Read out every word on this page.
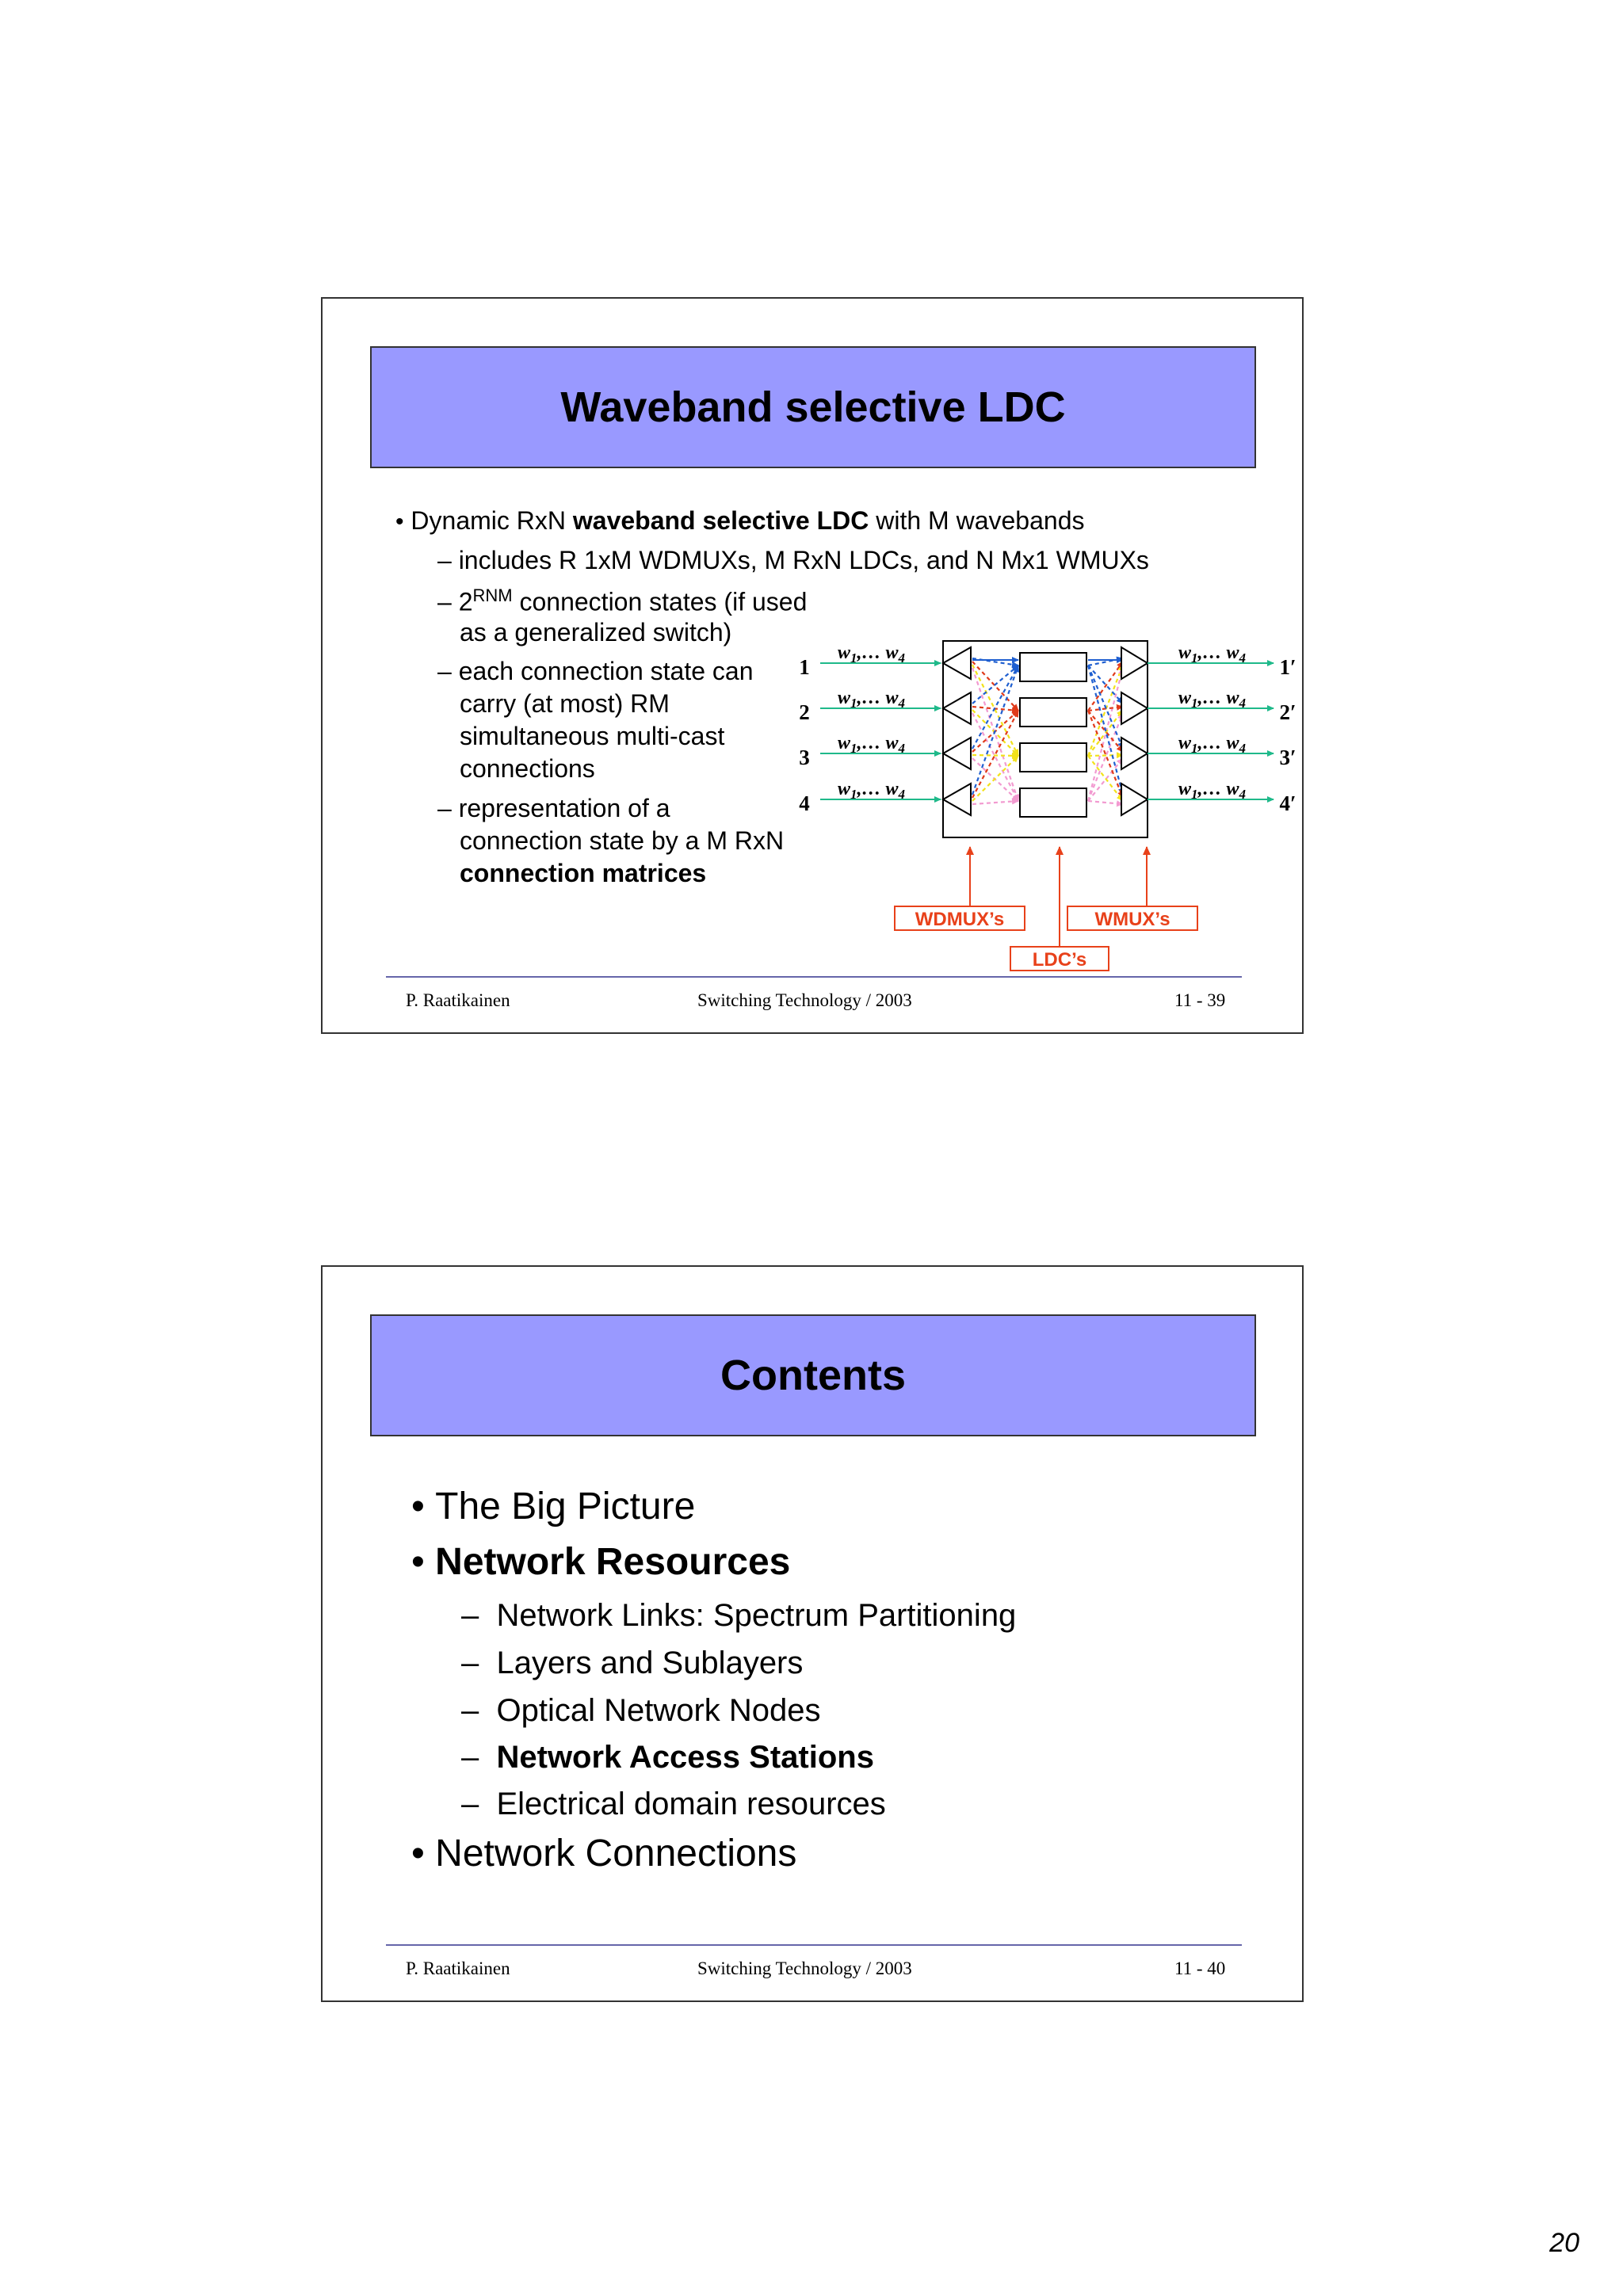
Waveband selective LDC
• Dynamic RxN waveband selective LDC with M wavebands
– includes R 1xM WDMUXs, M RxN LDCs, and N Mx1 WMUXs
– $2^{RNM}$ connection states (if used
as a generalized switch)
– each connection state can
carry (at most) RM
simultaneous multi-cast
connections
– representation of a
connection state by a M RxN
connection matrices
1	1′
w1,… w4	w1,… w4
2	2′
w1,… w4	w1,… w4
3	3′
w1,… w4	w1,… w4
4	4′
w1,… w4	w1,… w4
WDMUX’s	WMUX’s
LDC’s
P. Raatikainen	Switching Technology / 2003	11 - 39
Contents
• The Big Picture
• Network Resources
–  Network Links: Spectrum Partitioning
–  Layers and Sublayers
–  Optical Network Nodes
–  Network Access Stations
–  Electrical domain resources
• Network Connections
P. Raatikainen	Switching Technology / 2003	11 - 40
20
